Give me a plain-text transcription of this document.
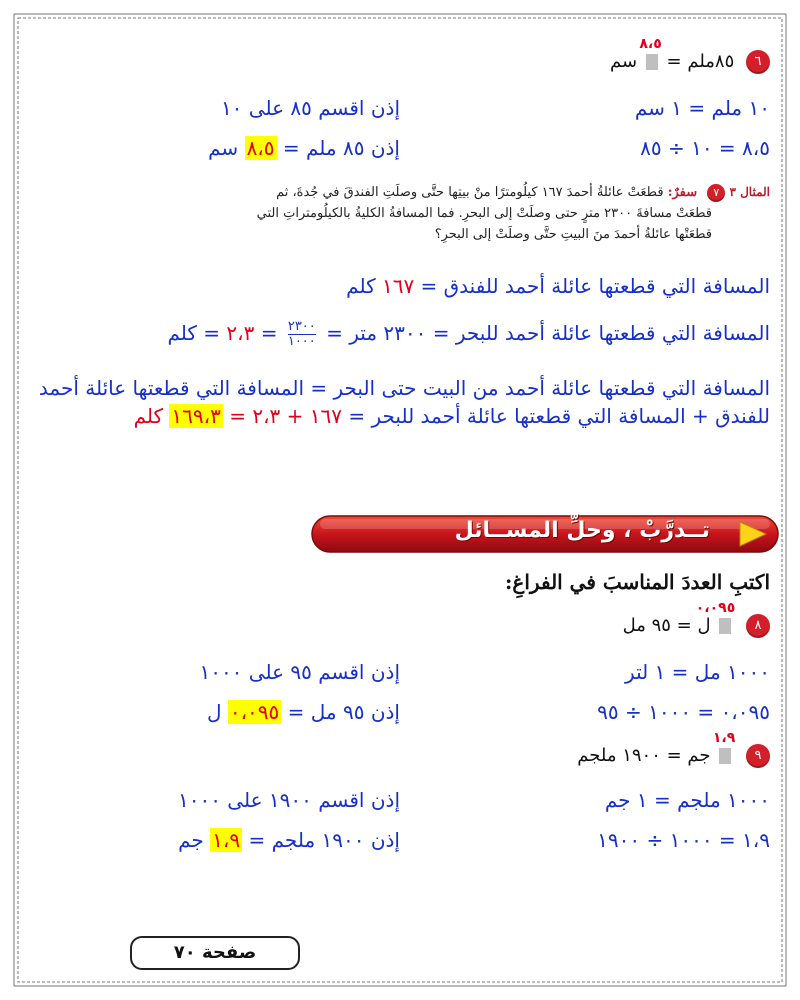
٦ ٨٥ملم =
٨،٥
سم
١٠ ملم = ١ سم
إذن اقسم ٨٥ على ١٠
٨،٥ = ١٠ ÷ ٨٥
إذن ٨٥ ملم = ٨،٥ سم
المثال ٣ ٧ سفرٌ: قطعَتْ عائلةُ أحمدَ ١٦٧ كيلُومترًا منْ بيتِها حتَّى وصلَتِ الفندقَ في جُدةَ، ثم
قطعَتْ مسافةَ ٢٣٠٠ مترٍ حتى وصلَتْ إلى البحرِ. فما المسافةُ الكليةُ بالكيلُومتراتِ التي
قطعَتْها عائلةُ أحمدَ منَ البيتِ حتَّى وصلَتْ إلى البحرِ؟
المسافة التي قطعتها عائلة أحمد للفندق = ١٦٧ كلم
المسافة التي قطعتها عائلة أحمد للبحر = ٢٣٠٠ متر =
$\frac{٢٣٠٠}{١٠٠٠}$
= ٢،٣ = كلم
المسافة التي قطعتها عائلة أحمد من البيت حتى البحر = المسافة التي قطعتها عائلة أحمد
للفندق + المسافة التي قطعتها عائلة أحمد للبحر = ١٦٧ + ٢،٣ = ١٦٩،٣ كلم
٨
٠،٠٩٥
ل = ٩٥ مل
١٠٠٠ مل = ١ لتر
إذن اقسم ٩٥ على ١٠٠٠
٠،٠٩٥ = ١٠٠٠ ÷ ٩٥
إذن ٩٥ مل = ٠،٠٩٥ ل
٩
١،٩
جم = ١٩٠٠ ملجم
١٠٠٠ ملجم = ١ جم
إذن اقسم ١٩٠٠ على ١٠٠٠
١،٩ = ١٠٠٠ ÷ ١٩٠٠
إذن ١٩٠٠ ملجم = ١،٩ جم
اكتبِ العددَ المناسبَ في الفراغِ:
تــدرَّبْ ، وحلِّ المســائل
صفحة ٧٠
